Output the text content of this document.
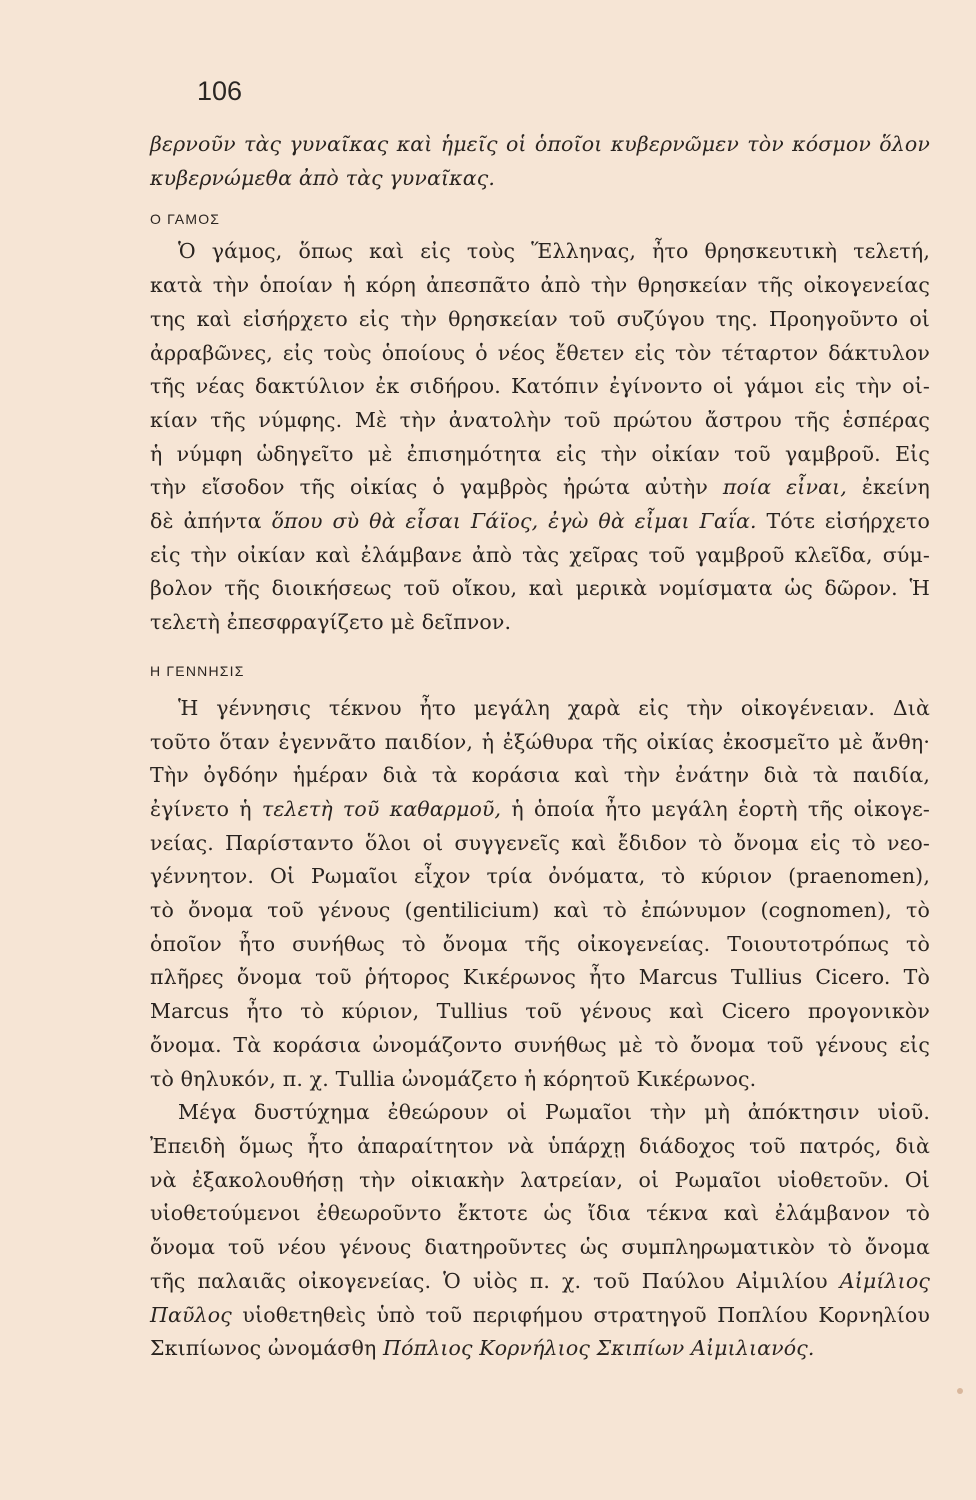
106
βερνοῦν τὰς γυναῖκας καὶ ἡμεῖς οἱ ὁποῖοι κυβερνῶμεν τὸν κόσμον ὅλον
κυβερνώμεθα ἀπὸ τὰς γυναῖκας.
Ο ΓΑΜΟΣ
Ὁ γάμος, ὅπως καὶ εἰς τοὺς Ἕλληνας, ἦτο θρησκευτικὴ τελετή,
κατὰ τὴν ὁποίαν ἡ κόρη ἀπεσπᾶτο ἀπὸ τὴν θρησκείαν τῆς οἰκογενείας
της καὶ εἰσήρχετο εἰς τὴν θρησκείαν τοῦ συζύγου της. Προηγοῦντο οἱ
ἀρραβῶνες, εἰς τοὺς ὁποίους ὁ νέος ἔθετεν εἰς τὸν τέταρτον δάκτυλον
τῆς νέας δακτύλιον ἐκ σιδήρου. Κατόπιν ἐγίνοντο οἱ γάμοι εἰς τὴν οἰ-
κίαν τῆς νύμφης. Μὲ τὴν ἀνατολὴν τοῦ πρώτου ἄστρου τῆς ἑσπέρας
ἡ νύμφη ὡδηγεῖτο μὲ ἐπισημότητα εἰς τὴν οἰκίαν τοῦ γαμβροῦ. Εἰς
τὴν εἴσοδον τῆς οἰκίας ὁ γαμβρὸς ἠρώτα αὐτὴν ποία εἶναι, ἐκείνη
δὲ ἀπήντα ὅπου σὺ θὰ εἶσαι Γάϊος, ἐγὼ θὰ εἶμαι Γαΐα. Τότε εἰσήρχετο
εἰς τὴν οἰκίαν καὶ ἐλάμβανε ἀπὸ τὰς χεῖρας τοῦ γαμβροῦ κλεῖδα, σύμ-
βολον τῆς διοικήσεως τοῦ οἴκου, καὶ μερικὰ νομίσματα ὡς δῶρον. Ἡ
τελετὴ ἐπεσφραγίζετο μὲ δεῖπνον.
Η ΓΕΝΝΗΣΙΣ
Ἡ γέννησις τέκνου ἦτο μεγάλη χαρὰ εἰς τὴν οἰκογένειαν. Διὰ
τοῦτο ὅταν ἐγεννᾶτο παιδίον, ἡ ἐξώθυρα τῆς οἰκίας ἐκοσμεῖτο μὲ ἄνθη·
Τὴν ὀγδόην ἡμέραν διὰ τὰ κοράσια καὶ τὴν ἐνάτην διὰ τὰ παιδία,
ἐγίνετο ἡ τελετὴ τοῦ καθαρμοῦ, ἡ ὁποία ἦτο μεγάλη ἑορτὴ τῆς οἰκογε-
νείας. Παρίσταντο ὅλοι οἱ συγγενεῖς καὶ ἔδιδον τὸ ὄνομα εἰς τὸ νεο-
γέννητον. Οἱ Ρωμαῖοι εἶχον τρία ὀνόματα, τὸ κύριον (praenomen),
τὸ ὄνομα τοῦ γένους (gentilicium) καὶ τὸ ἐπώνυμον (cognomen), τὸ
ὁποῖον ἦτο συνήθως τὸ ὄνομα τῆς οἰκογενείας. Τοιουτοτρόπως τὸ
πλῆρες ὄνομα τοῦ ῥήτορος Κικέρωνος ἦτο Marcus Tullius Cicero. Τὸ
Marcus ἦτο τὸ κύριον, Tullius τοῦ γένους καὶ Cicero προγονικὸν
ὄνομα. Τὰ κοράσια ὠνομάζοντο συνήθως μὲ τὸ ὄνομα τοῦ γένους εἰς
τὸ θηλυκόν, π. χ. Tullia ὠνομάζετο ἡ κόρητοῦ Κικέρωνος.
Μέγα δυστύχημα ἐθεώρουν οἱ Ρωμαῖοι τὴν μὴ ἀπόκτησιν υἱοῦ.
Ἐπειδὴ ὅμως ἦτο ἀπαραίτητον νὰ ὑπάρχῃ διάδοχος τοῦ πατρός, διὰ
νὰ ἐξακολουθήσῃ τὴν οἰκιακὴν λατρείαν, οἱ Ρωμαῖοι υἱοθετοῦν. Οἱ
υἱοθετούμενοι ἐθεωροῦντο ἔκτοτε ὡς ἴδια τέκνα καὶ ἐλάμβανον τὸ
ὄνομα τοῦ νέου γένους διατηροῦντες ὡς συμπληρωματικὸν τὸ ὄνομα
τῆς παλαιᾶς οἰκογενείας. Ὁ υἱὸς π. χ. τοῦ Παύλου Αἰμιλίου Αἰμίλιος
Παῦλος υἱοθετηθεὶς ὑπὸ τοῦ περιφήμου στρατηγοῦ Ποπλίου Κορνηλίου
Σκιπίωνος ὠνομάσθη Πόπλιος Κορνήλιος Σκιπίων Αἰμιλιανός.
